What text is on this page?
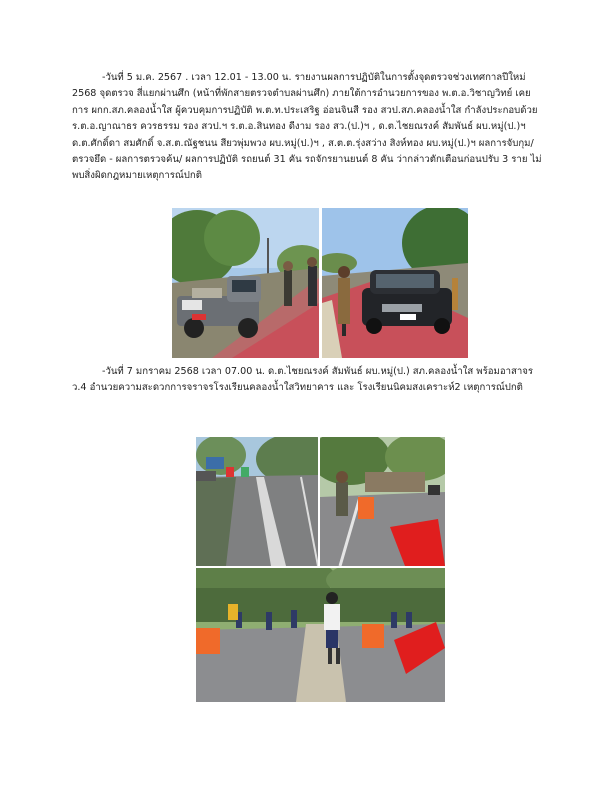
-วันที่ 5 ม.ค. 2567 . เวลา 12.01 - 13.00 น. รายงานผลการปฏิบัติในการตั้งจุดตรวจช่วงเทศกาลปีใหม่ 2568 จุดตรวจ สี่แยกผ่านศึก (หน้าที่พักสายตรวจตำบลผ่านศึก) ภายใต้การอำนวยการของ พ.ต.อ.วิชาญวิทย์ เคยการ ผกก.สภ.คลองน้ำใส ผู้ควบคุมการปฏิบัติ พ.ต.ท.ประเสริฐ อ่อนจินสี รอง สวป.สภ.คลองน้ำใส กำลังประกอบด้วย ร.ต.อ.ญาณาธร ควรธรรม รอง สวป.ฯ ร.ต.อ.สินทอง ดีงาม รอง สว.(ป.)ฯ , ด.ต.ไชยณรงค์ สัมพันธ์ ผบ.หมู่(ป.)ฯ ด.ต.ศักดิ์ดา สมศักดิ์ จ.ส.ต.ณัฐชนน สียวพุ่มพวง ผบ.หมู่(ป.)ฯ , ส.ต.ต.รุ่งสว่าง สิงห์ทอง ผบ.หมู่(ป.)ฯ ผลการจับกุม/ตรวจยึด - ผลการตรวจค้น/ ผลการปฏิบัติ รถยนต์ 31 คัน รถจักรยานยนต์ 8 คัน ว่ากล่าวตักเตือนก่อนปรับ 3 ราย ไม่พบสิ่งผิดกฎหมายเหตุการณ์ปกติ
-วันที่ 7 มกราคม 2568 เวลา 07.00 น. ด.ต.ไชยณรงค์ สัมพันธ์ ผบ.หมู่(ป.) สภ.คลองน้ำใส พร้อมอาสาจร ว.4 อำนวยความสะดวกการจราจรโรงเรียนคลองน้ำใสวิทยาคาร และ โรงเรียนนิคมสงเคราะห์2 เหตุการณ์ปกติ
